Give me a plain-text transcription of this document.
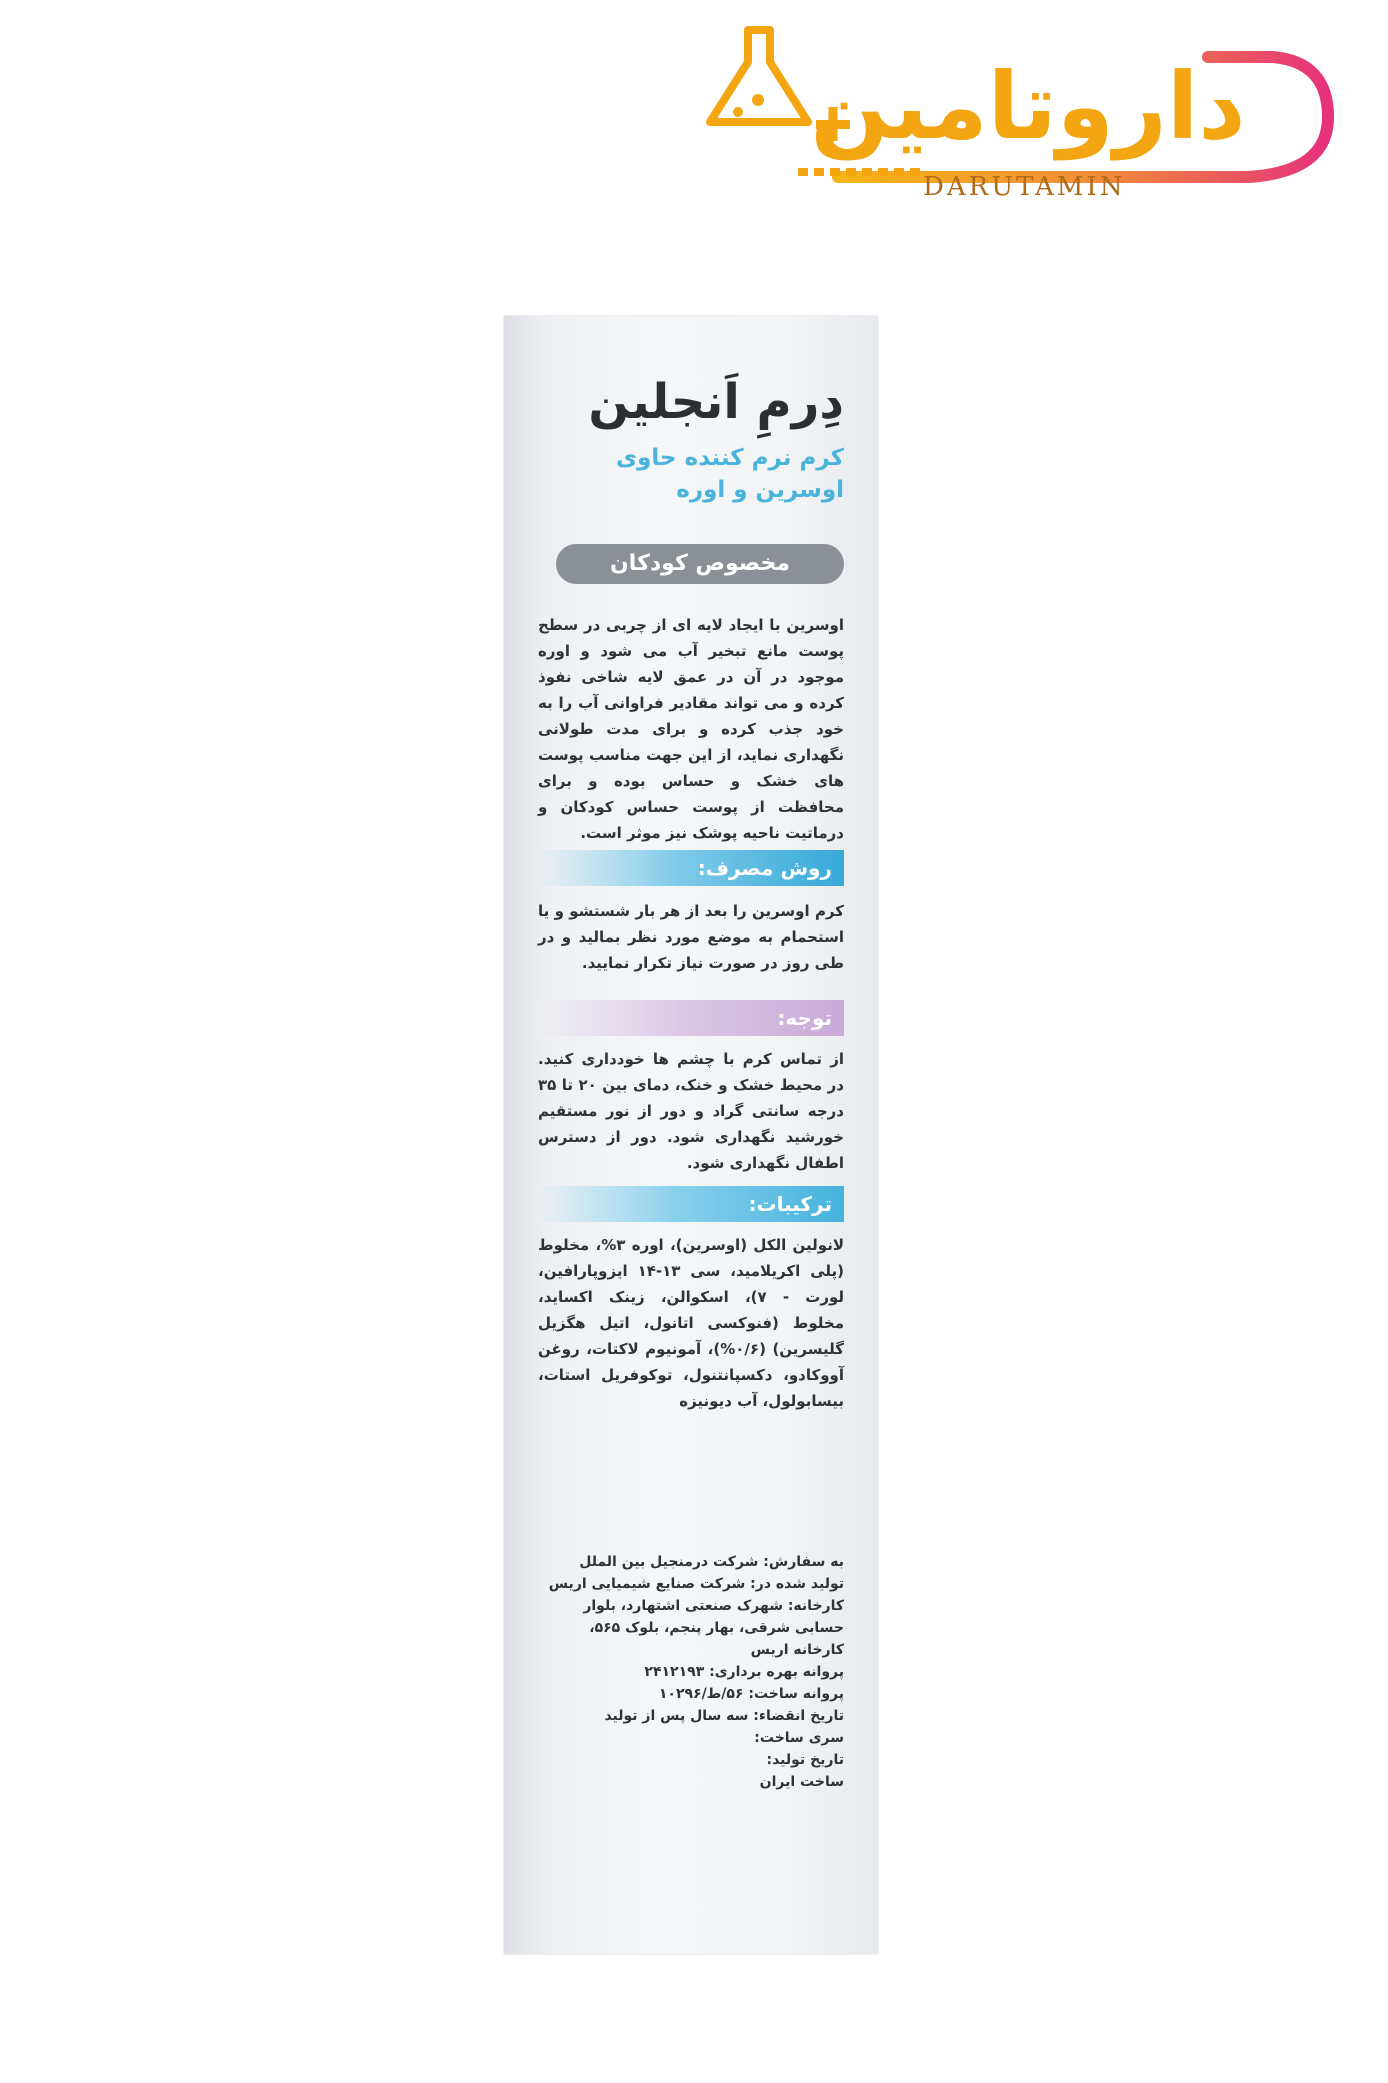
داروتامین
DARUTAMIN
دِرمِ اَنجلین
کرم نرم کننده حاوی
اوسرین و اوره
مخصوص کودکان
اوسرین با ایجاد لایه ای از چربی در سطح پوست مانع تبخیر آب می شود و اوره موجود در آن در عمق لایه شاخی نفوذ کرده و می تواند مقادیر فراوانی آب را به خود جذب کرده و برای مدت طولانی نگهداری نماید، از این جهت مناسب پوست های خشک و حساس بوده و برای محافظت از پوست حساس کودکان و درماتیت ناحیه پوشک نیز موثر است.
روش مصرف:
کرم اوسرین را بعد از هر بار شستشو و یا استحمام به موضع مورد نظر بمالید و در طی روز در صورت نیاز تکرار نمایید.
توجه:
از تماس کرم با چشم ها خودداری کنید. در محیط خشک و خنک، دمای بین ۲۰ تا ۳۵ درجه سانتی گراد و دور از نور مستقیم خورشید نگهداری شود. دور از دسترس اطفال نگهداری شود.
ترکیبات:
لانولین الکل (اوسرین)، اوره ۳%، مخلوط (پلی اکریلامید، سی ۱۳-۱۴ ایزوپارافین، لورت - ۷)، اسکوالن، زینک اکساید، مخلوط (فنوکسی اتانول، اتیل هگزیل گلیسرین) (۰/۶%)، آمونیوم لاکتات، روغن آووکادو، دکسپانتنول، توکوفریل استات، بیسابولول، آب دیونیزه
به سفارش: شرکت درمنجیل بین الملل
تولید شده در: شرکت صنایع شیمیایی اریس
کارخانه: شهرک صنعتی اشتهارد، بلوار
حسابی شرقی، بهار پنجم، بلوک ۵۶۵،
کارخانه اریس
پروانه بهره برداری: ۲۴۱۲۱۹۳
پروانه ساخت: ۵۶/ط/۱۰۲۹۶
تاریخ انقضاء: سه سال پس از تولید
سری ساخت:
تاریخ تولید:
ساخت ایران
